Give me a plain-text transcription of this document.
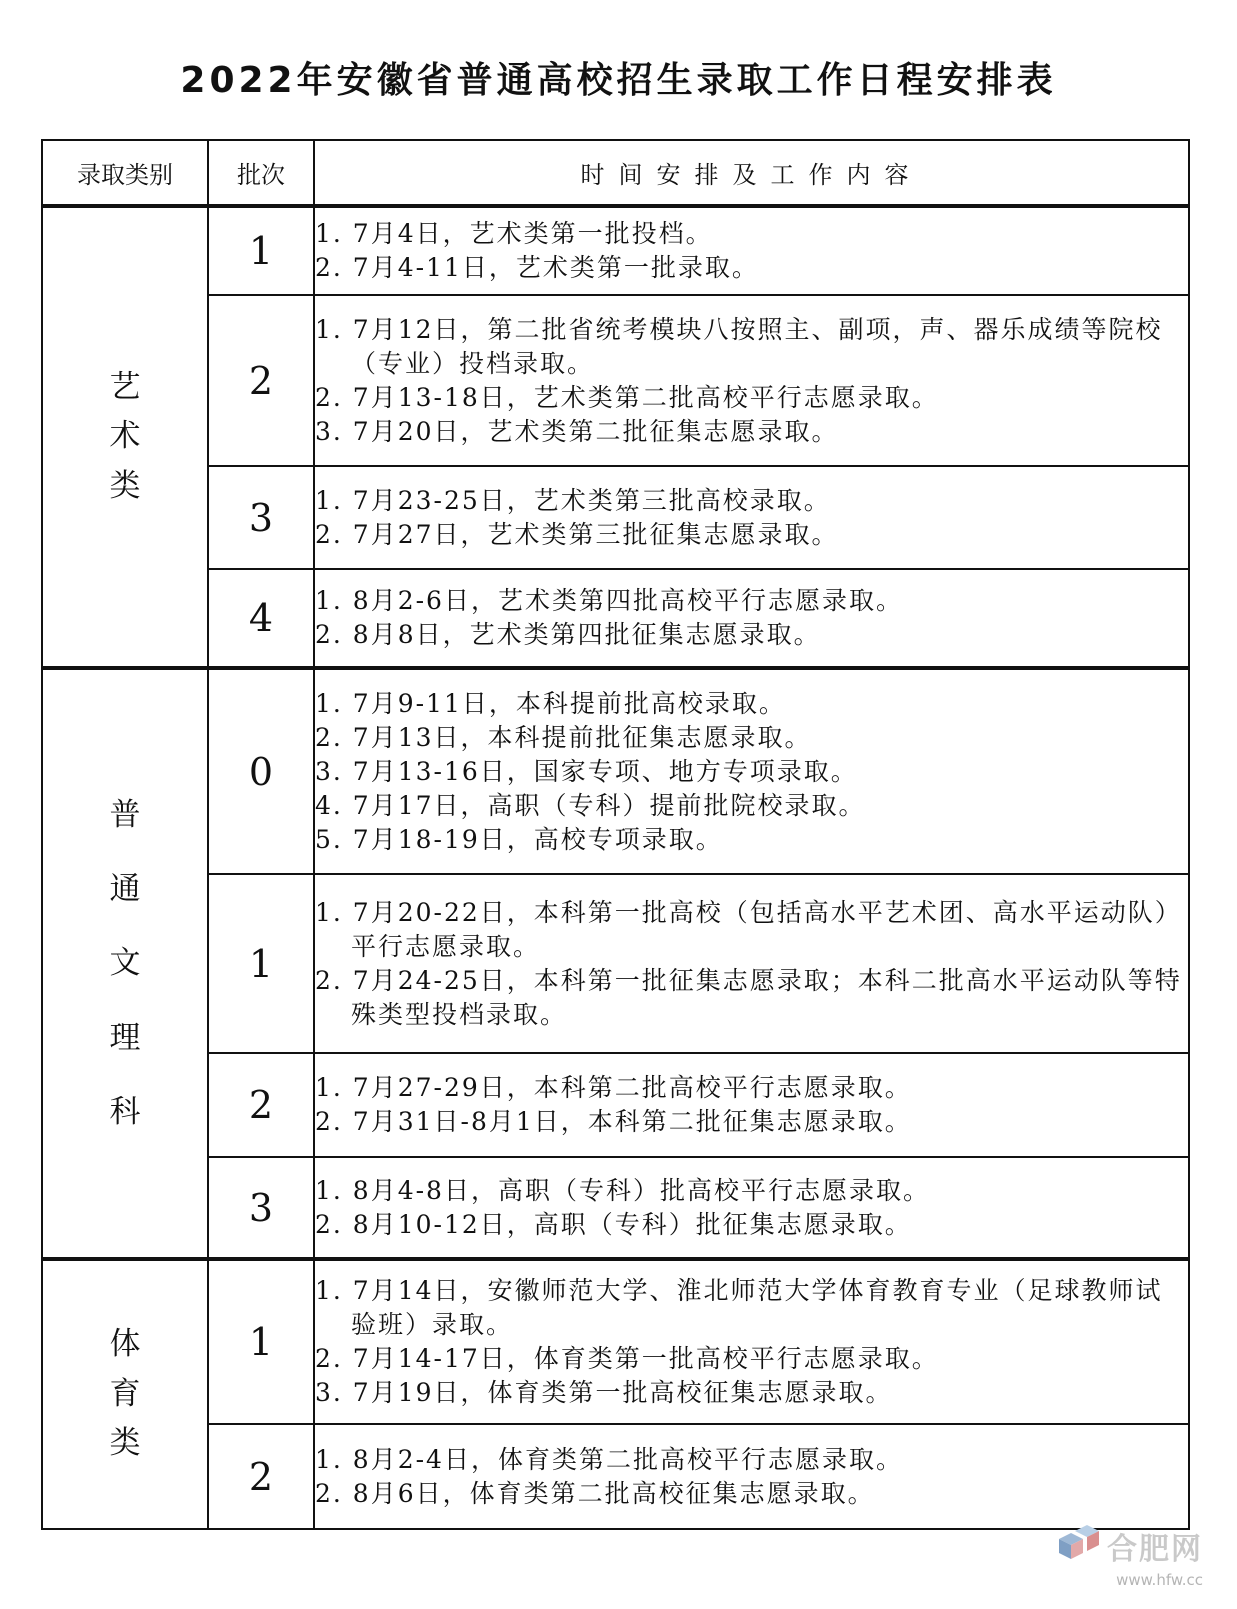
2022年安徽省普通高校招生录取工作日程安排表
录取类别	批次	时间安排及工作内容
艺术类	1	1. 7月4日，艺术类第一批投档。
2. 7月4-11日，艺术类第一批录取。

	2	1. 7月12日，第二批省统考模块八按照主、副项，声、器乐成绩等院校（专业）投档录取。
2. 7月13-18日，艺术类第二批高校平行志愿录取。
3. 7月20日，艺术类第二批征集志愿录取。

	3	1. 7月23-25日，艺术类第三批高校录取。
2. 7月27日，艺术类第三批征集志愿录取。

	4	1. 8月2-6日，艺术类第四批高校平行志愿录取。
2. 8月8日，艺术类第四批征集志愿录取。

普通文理科	0	1. 7月9-11日，本科提前批高校录取。
2. 7月13日，本科提前批征集志愿录取。
3. 7月13-16日，国家专项、地方专项录取。
4. 7月17日，高职（专科）提前批院校录取。
5. 7月18-19日，高校专项录取。

	1	1. 7月20-22日，本科第一批高校（包括高水平艺术团、高水平运动队）平行志愿录取。
2. 7月24-25日，本科第一批征集志愿录取；本科二批高水平运动队等特殊类型投档录取。

	2	1. 7月27-29日，本科第二批高校平行志愿录取。
2. 7月31日-8月1日，本科第二批征集志愿录取。

	3	1. 8月4-8日，高职（专科）批高校平行志愿录取。
2. 8月10-12日，高职（专科）批征集志愿录取。

体育类	1	1. 7月14日，安徽师范大学、淮北师范大学体育教育专业（足球教师试验班）录取。
2. 7月14-17日，体育类第一批高校平行志愿录取。
3. 7月19日，体育类第一批高校征集志愿录取。

	2	1. 8月2-4日，体育类第二批高校平行志愿录取。
2. 8月6日，体育类第二批高校征集志愿录取。
合肥网
www.hfw.cc
